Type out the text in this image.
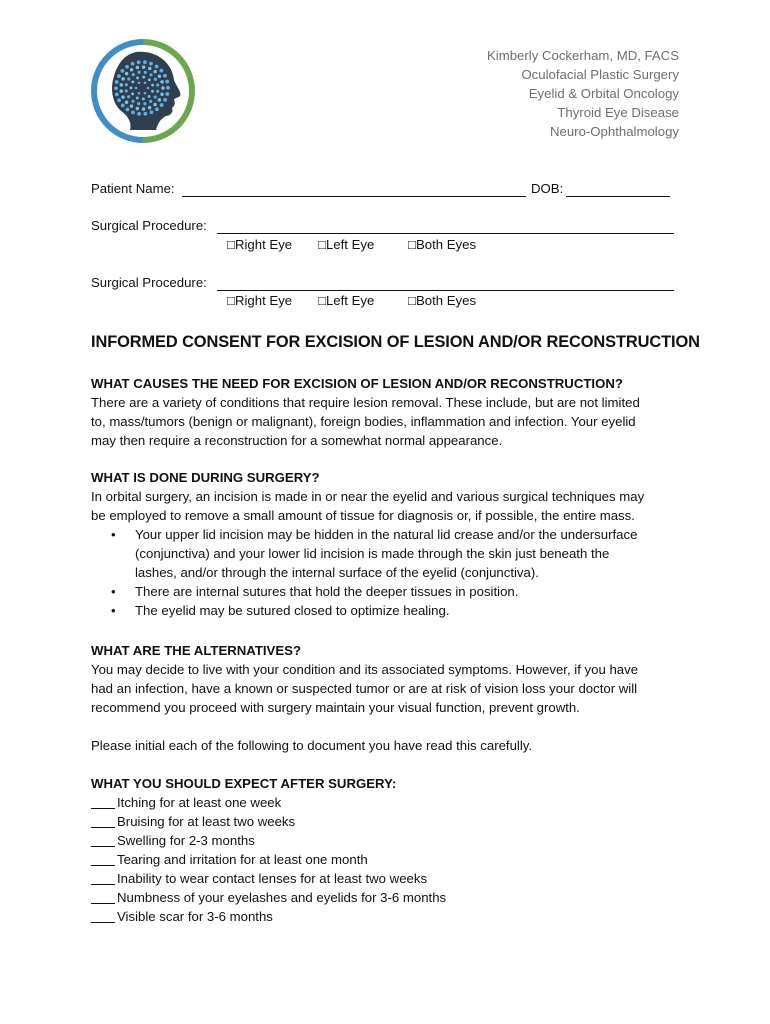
Kimberly Cockerham, MD, FACS
Oculofacial Plastic Surgery
Eyelid & Orbital Oncology
Thyroid Eye Disease
Neuro-Ophthalmology
Patient Name:	DOB:
Surgical Procedure:
□Right Eye □Left Eye	□Both Eyes
Surgical Procedure:
□Right Eye □Left Eye	□Both Eyes
INFORMED CONSENT FOR EXCISION OF LESION AND/OR RECONSTRUCTION
WHAT CAUSES THE NEED FOR EXCISION OF LESION AND/OR RECONSTRUCTION?
There are a variety of conditions that require lesion removal. These include, but are not limited
to, mass/tumors (benign or malignant), foreign bodies, inflammation and infection. Your eyelid
may then require a reconstruction for a somewhat normal appearance.
WHAT IS DONE DURING SURGERY?
In orbital surgery, an incision is made in or near the eyelid and various surgical techniques may
be employed to remove a small amount of tissue for diagnosis or, if possible, the entire mass.
• Your upper lid incision may be hidden in the natural lid crease and/or the undersurface
(conjunctiva) and your lower lid incision is made through the skin just beneath the
lashes, and/or through the internal surface of the eyelid (conjunctiva).
• There are internal sutures that hold the deeper tissues in position.
• The eyelid may be sutured closed to optimize healing.
WHAT ARE THE ALTERNATIVES?
You may decide to live with your condition and its associated symptoms. However, if you have
had an infection, have a known or suspected tumor or are at risk of vision loss your doctor will
recommend you proceed with surgery maintain your visual function, prevent growth.
Please initial each of the following to document you have read this carefully.
WHAT YOU SHOULD EXPECT AFTER SURGERY:
Itching for at least one week
Bruising for at least two weeks
Swelling for 2-3 months
Tearing and irritation for at least one month
Inability to wear contact lenses for at least two weeks
Numbness of your eyelashes and eyelids for 3-6 months
Visible scar for 3-6 months
